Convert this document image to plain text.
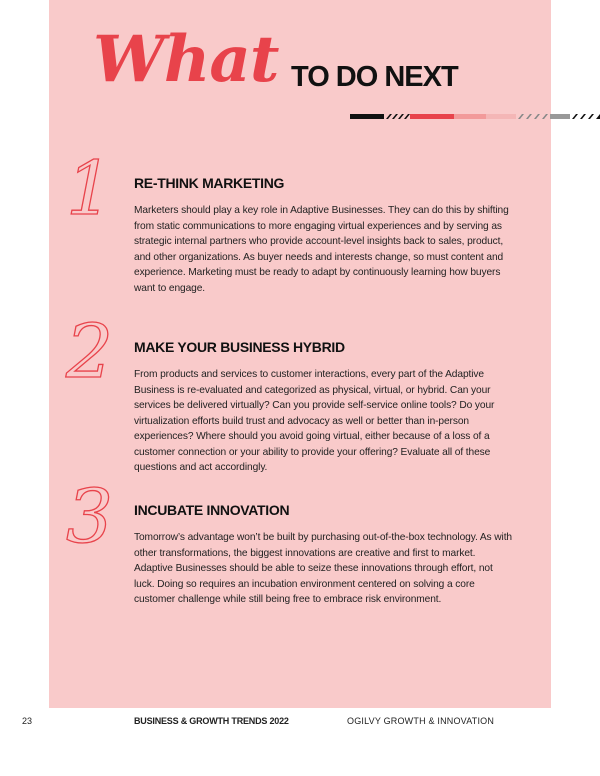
What TO DO NEXT
1 RE-THINK MARKETING
Marketers should play a key role in Adaptive Businesses. They can do this by shifting from static communications to more engaging virtual experiences and by serving as strategic internal partners who provide account-level insights back to sales, product, and other organizations. As buyer needs and interests change, so must content and experience. Marketing must be ready to adapt by continuously learning how buyers want to engage.
2 MAKE YOUR BUSINESS HYBRID
From products and services to customer interactions, every part of the Adaptive Business is re-evaluated and categorized as physical, virtual, or hybrid. Can your services be delivered virtually? Can you provide self-service online tools? Do your virtualization efforts build trust and advocacy as well or better than in-person experiences? Where should you avoid going virtual, either because of a loss of a customer connection or your ability to provide your offering? Evaluate all of these questions and act accordingly.
3 INCUBATE INNOVATION
Tomorrow’s advantage won’t be built by purchasing out-of-the-box technology. As with other transformations, the biggest innovations are creative and first to market. Adaptive Businesses should be able to seize these innovations through effort, not luck. Doing so requires an incubation environment centered on solving a core customer challenge while still being free to embrace risk environment.
23	BUSINESS & GROWTH TRENDS 2022	OGILVY GROWTH & INNOVATION
